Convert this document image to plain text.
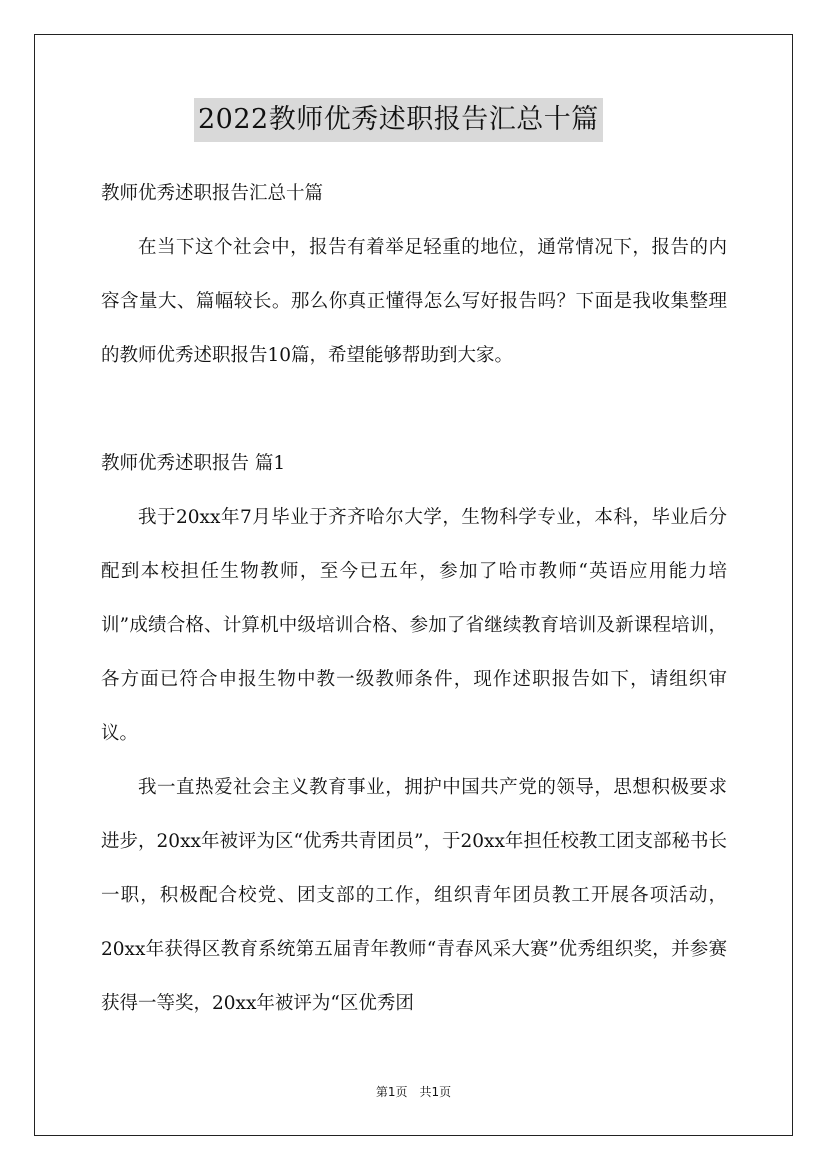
2022教师优秀述职报告汇总十篇

教师优秀述职报告汇总十篇

在当下这个社会中，报告有着举足轻重的地位，通常情况下，报告的内容含量大、篇幅较长。那么你真正懂得怎么写好报告吗？下面是我收集整理的教师优秀述职报告10篇，希望能够帮助到大家。

教师优秀述职报告 篇1

我于20xx年7月毕业于齐齐哈尔大学，生物科学专业，本科，毕业后分配到本校担任生物教师，至今已五年，参加了哈市教师“英语应用能力培训”成绩合格、计算机中级培训合格、参加了省继续教育培训及新课程培训，各方面已符合申报生物中教一级教师条件，现作述职报告如下，请组织审议。

我一直热爱社会主义教育事业，拥护中国共产党的领导，思想积极要求进步，20xx年被评为区“优秀共青团员”，于20xx年担任校教工团支部秘书长一职，积极配合校党、团支部的工作，组织青年团员教工开展各项活动，20xx年获得区教育系统第五届青年教师“青春风采大赛”优秀组织奖，并参赛获得一等奖，20xx年被评为“区优秀团

第1页　共1页
